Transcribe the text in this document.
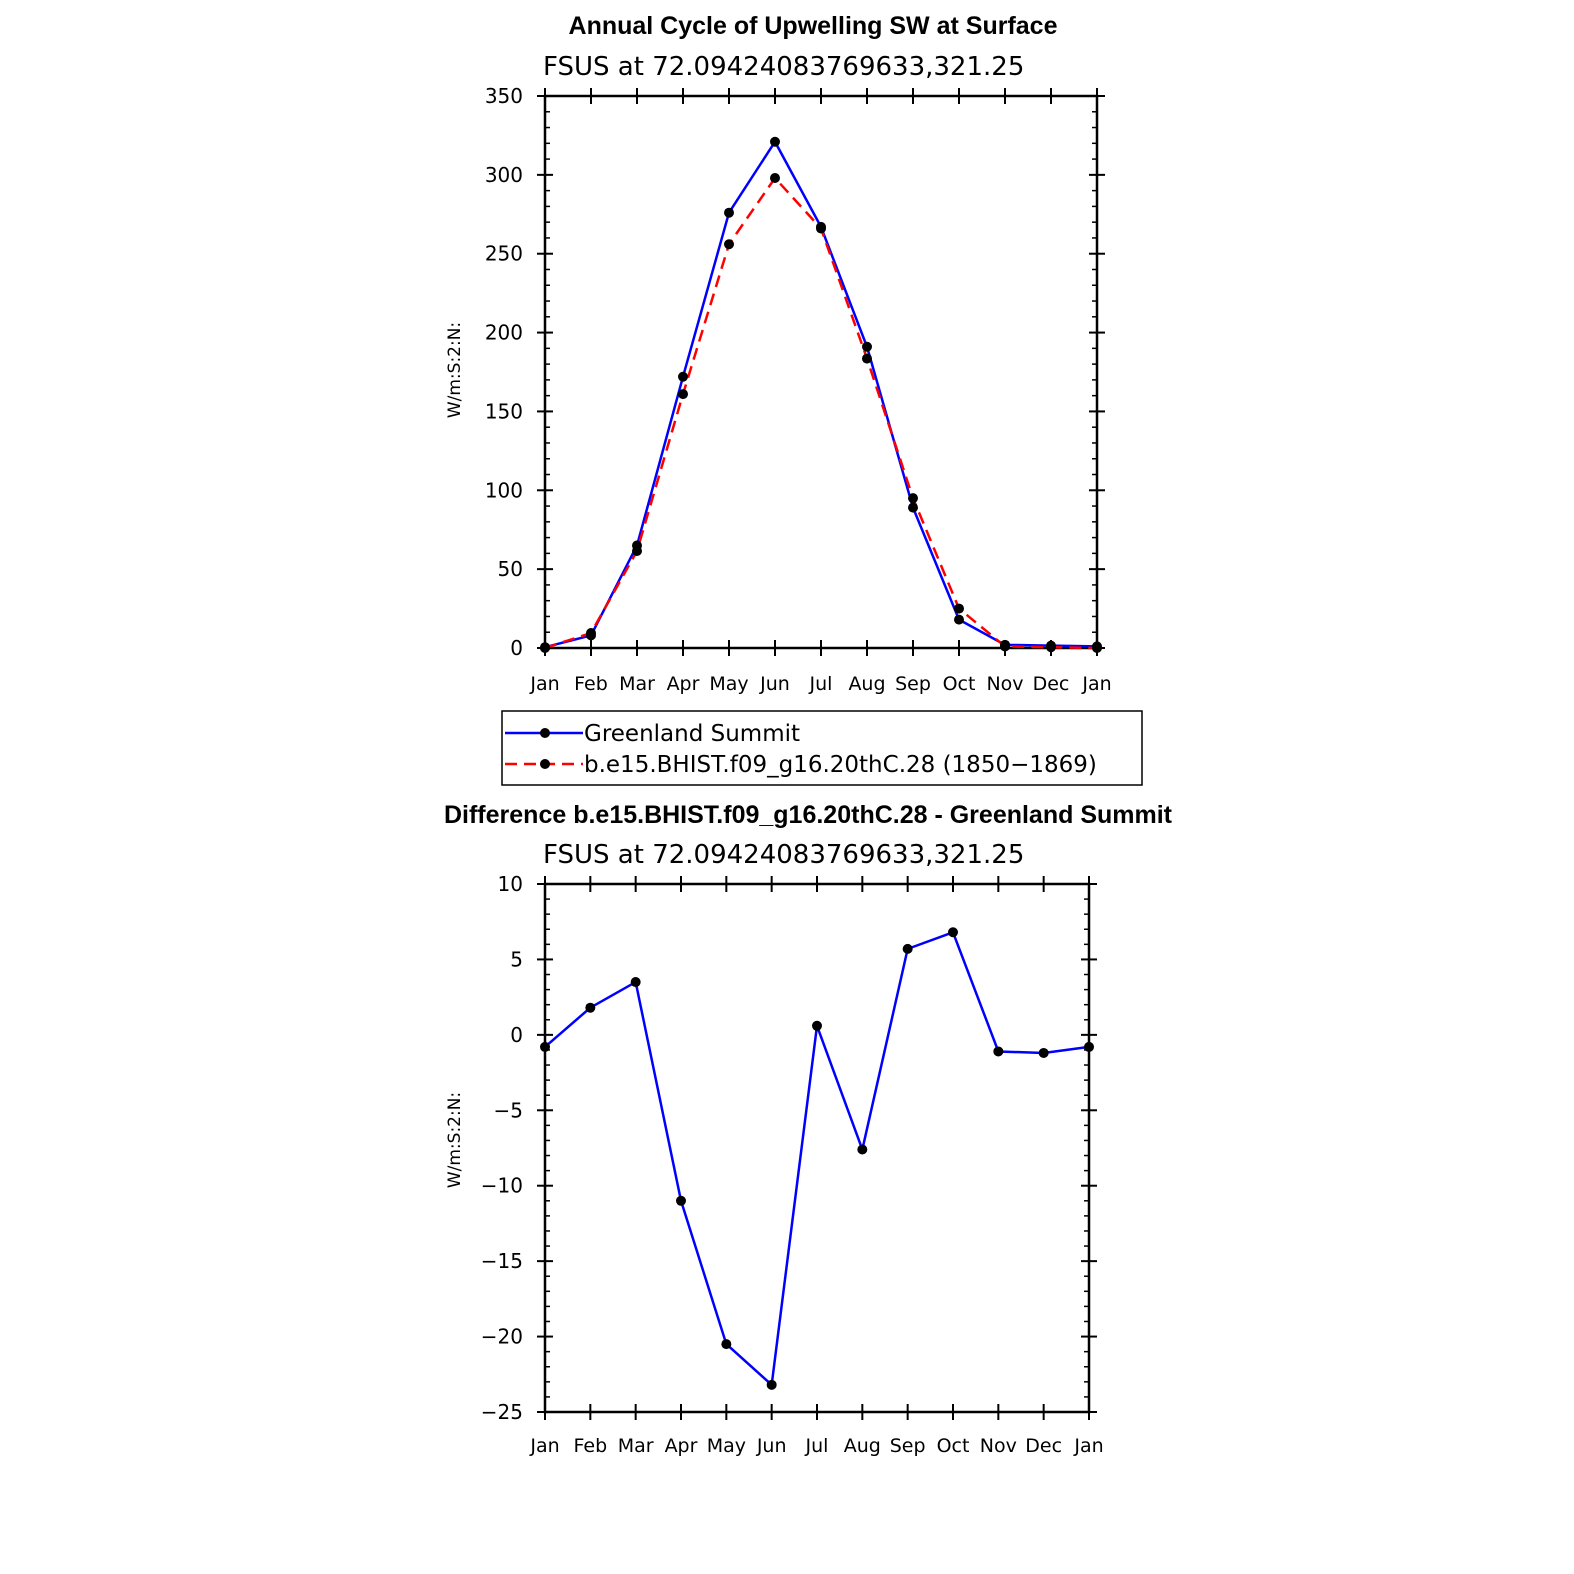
Annual Cycle of Upwelling SW at Surface
FSUS at 72.09424083769633,321.25
W/m:S:2:N:
0
50
100
150
200
250
300
350
Jan Feb Mar Apr May Jun Jul Aug Sep Oct Nov Dec Jan
Greenland Summit
b.e15.BHIST.f09_g16.20thC.28 (1850−1869)
Difference b.e15.BHIST.f09_g16.20thC.28 - Greenland Summit
FSUS at 72.09424083769633,321.25
W/m:S:2:N:
−25
−20
−15
−10
−5
0
5
10
Jan Feb Mar Apr May Jun Jul Aug Sep Oct Nov Dec Jan
